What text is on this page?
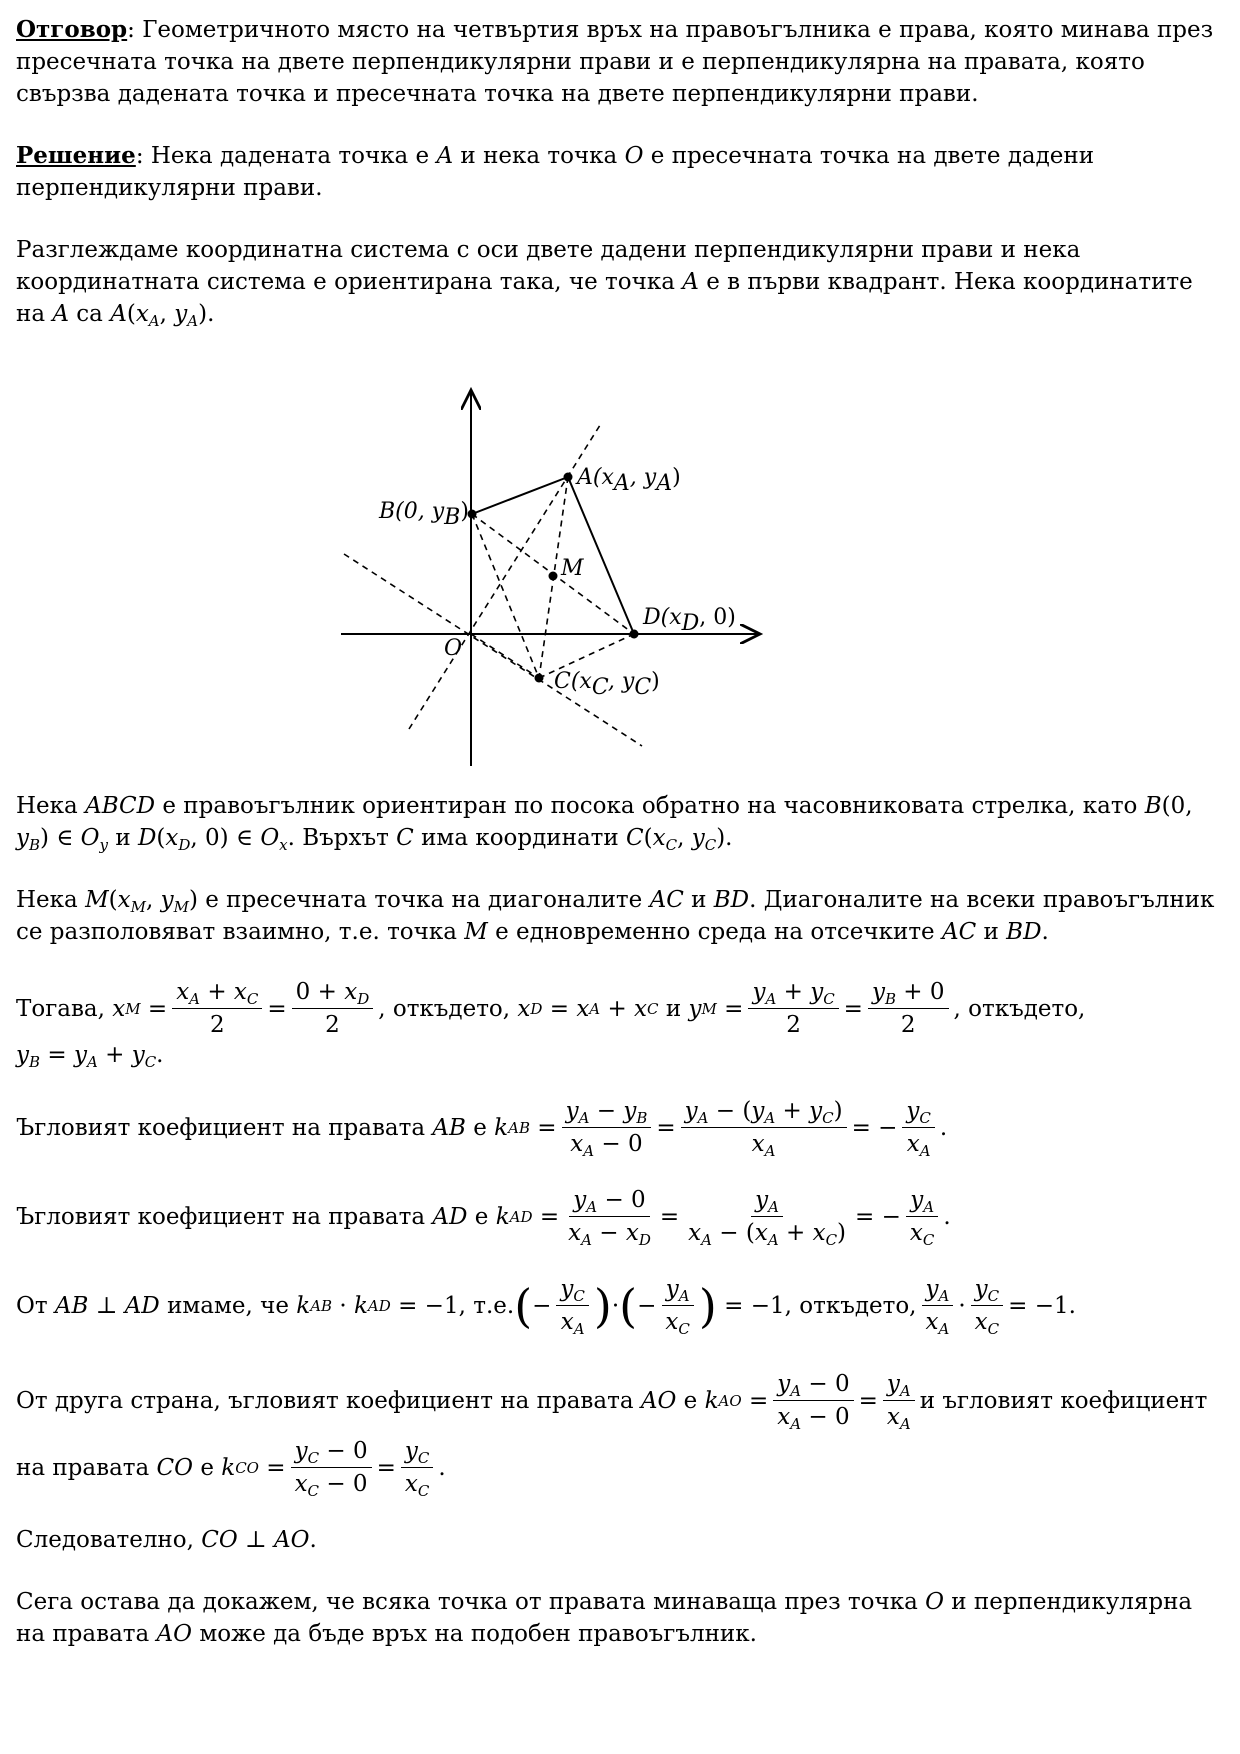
Отговор: Геометричното място на четвъртия връх на правоъгълника е права, която минава през пресечната точка на двете перпендикулярни прави и е перпендикулярна на правата, която свързва дадената точка и пресечната точка на двете перпендикулярни прави.

Решение: Нека дадената точка е A и нека точка O е пресечната точка на двете дадени перпендикулярни прави.

Разглеждаме координатна система с оси двете дадени перпендикулярни прави и нека координатната система е ориентирана така, че точка A е в първи квадрант. Нека координатите на A са $A(x_A$, $y_A$).

A(xA, yA)
B(0, yB)
M
D(xD, 0)
O
C(xC, yC)

Нека ABCD е правоъгълник ориентиран по посока обратно на часовниковата стрелка, като B(0, $y_B$) ∈ $O_y$ и $D(x_D$, 0) ∈ $O_x$. Върхът C има координати $C(x_C$, $y_C$).

Нека $M(x_M$, $y_M$) е пресечната точка на диагоналите AC и BD. Диагоналите на всеки правоъгълник се разполовяват взаимно, т.е. точка M е едновременно среда на отсечките AC и BD.

Тогава,
x $M = \frac{x_A + x_C}{2} = \frac{0 + x_D}{2}$ , откъдето,
x D = x A + x C
и
y $M = \frac{y_A + y_C}{2} = \frac{y_B + 0}{2}$ , откъдето,
$y_B = y_A + y_C$.
Ъгловият коефициент на правата
AB
е
k AB = $\frac{y_A - y_B}{x_A - 0} = \frac{y_A - (y_A + y_C)}{x_A}$ = − $\frac{y_C}{x_A}$ .
Ъгловият коефициент на правата
AD
е
k AD = $\frac{y_A - 0}{x_A - x_D} = \frac{y_A}{x_A - (x_A + x_C)}$ = − $\frac{y_A}{x_C}$ .
От
AB ⊥ AD
имаме, че
k AB · k AD = −1 , т.е. ( − $\frac{y_C}{x_A}$ ) · ( − $\frac{y_A}{x_C}$ ) = −1 , откъдето, $\frac{y_A}{x_A} \cdot \frac{y_C}{x_C} = -1$.
От друга страна, ъгловият коефициент на правата
AO
е
k AO = $\frac{y_A - 0}{x_A - 0} = \frac{y_A}{x_A}$ и ъгловият коефициент
на правата
CO
е
k CO = $\frac{y_C - 0}{x_C - 0} = \frac{y_C}{x_C}$ .

Следователно, CO ⊥ AO.

Сега остава да докажем, че всяка точка от правата минаваща през точка O и перпендикулярна на правата AO може да бъде връх на подобен правоъгълник.
